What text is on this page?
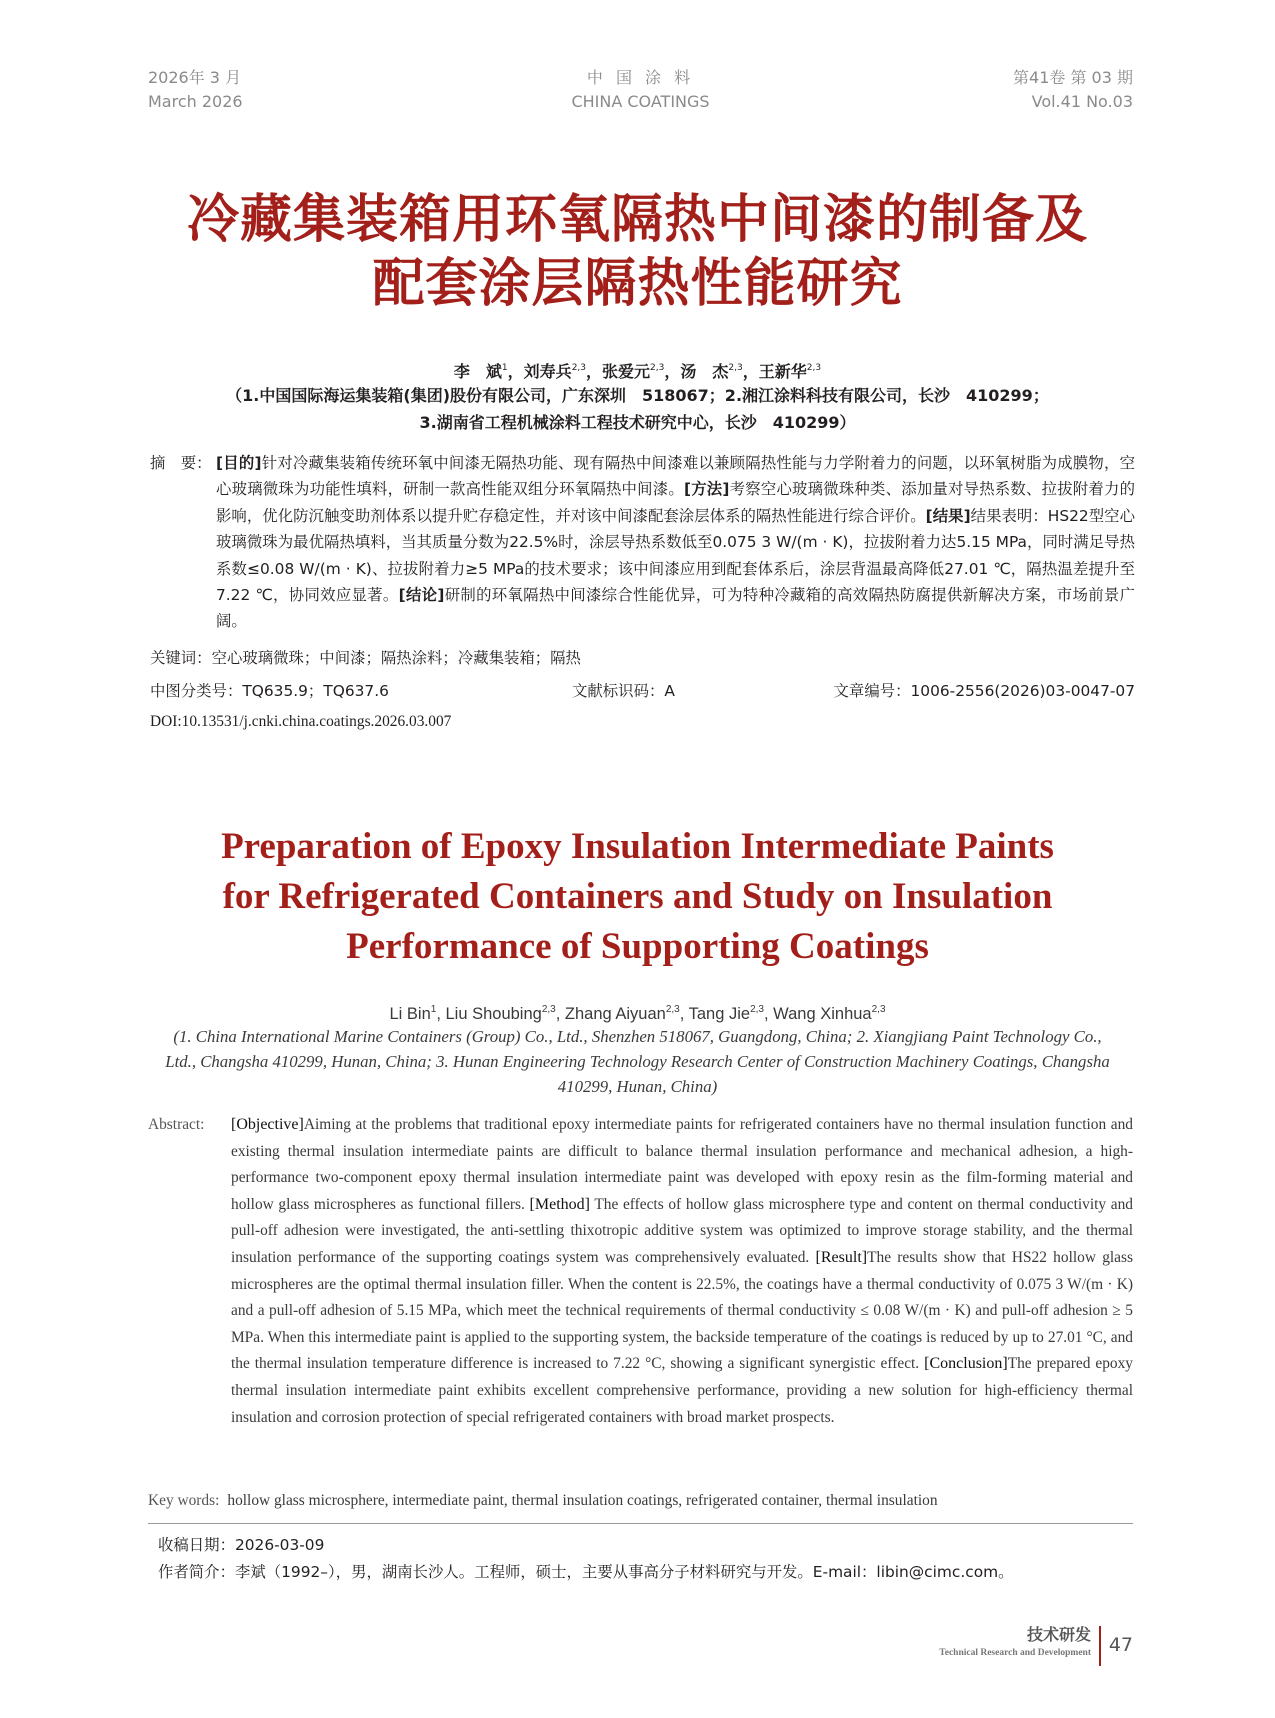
2026年 3 月
March 2026
中 国 涂 料
CHINA COATINGS
第41卷 第 03 期
Vol.41 No.03
冷藏集装箱用环氧隔热中间漆的制备及
配套涂层隔热性能研究
李　斌$^1$，刘寿兵$^{2,3}$，张爱元$^{2,3}$，汤　杰$^{2,3}$，王新华$^{2,3}$
（1.中国国际海运集装箱(集团)股份有限公司，广东深圳　518067；2.湘江涂料科技有限公司，长沙　410299；
3.湖南省工程机械涂料工程技术研究中心，长沙　410299）
摘　要： [目的]针对冷藏集装箱传统环氧中间漆无隔热功能、现有隔热中间漆难以兼顾隔热性能与力学附着力的问题，以环氧树脂为成膜物，空心玻璃微珠为功能性填料，研制一款高性能双组分环氧隔热中间漆。[方法]考察空心玻璃微珠种类、添加量对导热系数、拉拔附着力的影响，优化防沉触变助剂体系以提升贮存稳定性，并对该中间漆配套涂层体系的隔热性能进行综合评价。[结果]结果表明：HS22型空心玻璃微珠为最优隔热填料，当其质量分数为22.5%时，涂层导热系数低至0.075 3 W/(m · K)，拉拔附着力达5.15 MPa，同时满足导热系数≤0.08 W/(m · K)、拉拔附着力≥5 MPa的技术要求；该中间漆应用到配套体系后，涂层背温最高降低27.01 ℃，隔热温差提升至7.22 ℃，协同效应显著。[结论]研制的环氧隔热中间漆综合性能优异，可为特种冷藏箱的高效隔热防腐提供新解决方案，市场前景广阔。
关键词：空心玻璃微珠；中间漆；隔热涂料；冷藏集装箱；隔热
中图分类号：TQ635.9；TQ637.6	文献标识码：A	文章编号：1006-2556(2026)03-0047-07
DOI:10.13531/j.cnki.china.coatings.2026.03.007
Preparation of Epoxy Insulation Intermediate Paints
for Refrigerated Containers and Study on Insulation
Performance of Supporting Coatings
Li Bin$^1$, Liu Shoubing$^{2,3}$, Zhang Aiyuan$^{2,3}$, Tang Jie$^{2,3}$, Wang Xinhua$^{2,3}$
(1. China International Marine Containers (Group) Co., Ltd., Shenzhen 518067, Guangdong, China; 2. Xiangjiang Paint Technology Co., Ltd., Changsha 410299, Hunan, China; 3. Hunan Engineering Technology Research Center of Construction Machinery Coatings, Changsha 410299, Hunan, China)
Abstract:	[Objective]Aiming at the problems that traditional epoxy intermediate paints for refrigerated containers have no thermal insulation function and existing thermal insulation intermediate paints are difficult to balance thermal insulation performance and mechanical adhesion, a high-performance two-component epoxy thermal insulation intermediate paint was developed with epoxy resin as the film-forming material and hollow glass microspheres as functional fillers. [Method] The effects of hollow glass microsphere type and content on thermal conductivity and pull-off adhesion were investigated, the anti-settling thixotropic additive system was optimized to improve storage stability, and the thermal insulation performance of the supporting coatings system was comprehensively evaluated. [Result]The results show that HS22 hollow glass microspheres are the optimal thermal insulation filler. When the content is 22.5%, the coatings have a thermal conductivity of 0.075 3 W/(m · K) and a pull-off adhesion of 5.15 MPa, which meet the technical requirements of thermal conductivity ≤ 0.08 W/(m · K) and pull-off adhesion ≥ 5 MPa. When this intermediate paint is applied to the supporting system, the backside temperature of the coatings is reduced by up to 27.01 °C, and the thermal insulation temperature difference is increased to 7.22 °C, showing a significant synergistic effect. [Conclusion]The prepared epoxy thermal insulation intermediate paint exhibits excellent comprehensive performance, providing a new solution for high-efficiency thermal insulation and corrosion protection of special refrigerated containers with broad market prospects.
Key words: hollow glass microsphere, intermediate paint, thermal insulation coatings, refrigerated container, thermal insulation
收稿日期：2026-03-09
作者简介：李斌（1992–），男，湖南长沙人。工程师，硕士，主要从事高分子材料研究与开发。E-mail：libin@cimc.com。
技术研发
Technical Research and Development 47
